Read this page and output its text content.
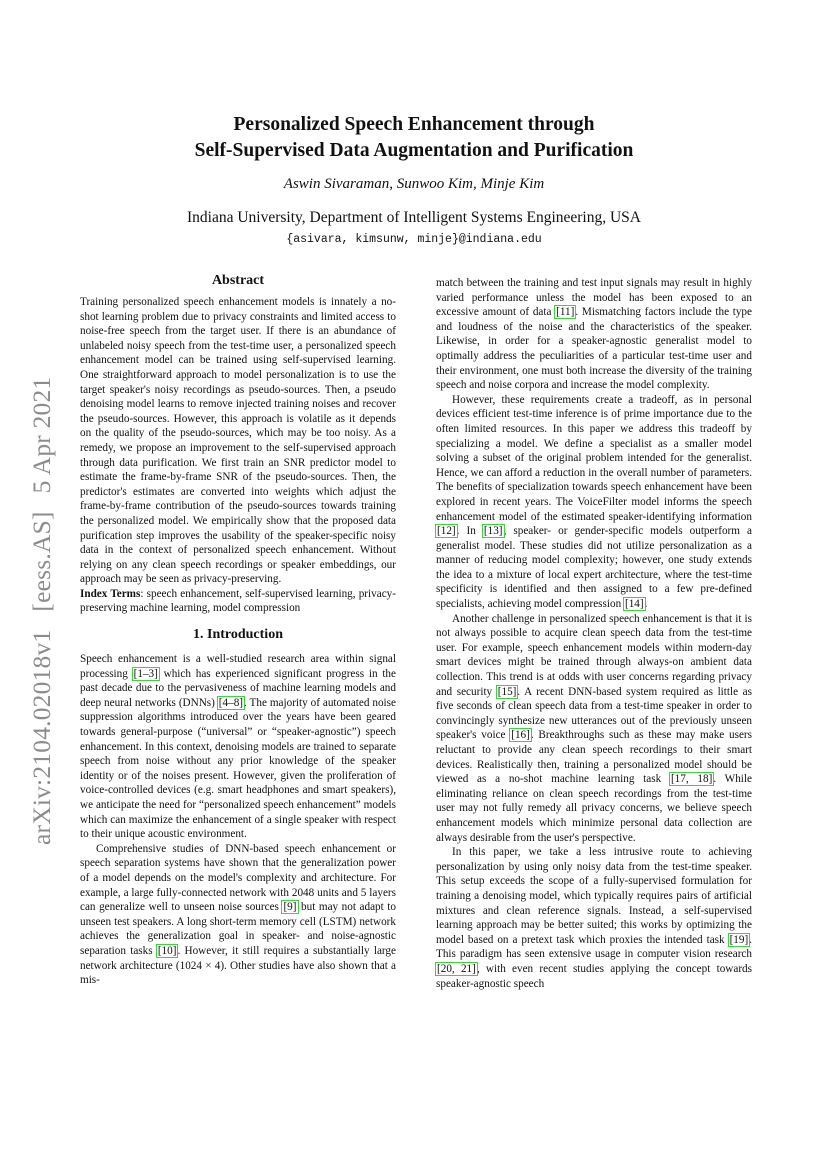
arXiv:2104.02018v1[eess.AS]5 Apr 2021
Personalized Speech Enhancement through
Self-Supervised Data Augmentation and Purification
Aswin Sivaraman, Sunwoo Kim, Minje Kim
Indiana University, Department of Intelligent Systems Engineering, USA
{asivara, kimsunw, minje}@indiana.edu
Abstract

Training personalized speech enhancement models is innately a no-shot learning problem due to privacy constraints and limited access to noise-free speech from the target user. If there is an abundance of unlabeled noisy speech from the test-time user, a personalized speech enhancement model can be trained using self-supervised learning. One straightforward approach to model personalization is to use the target speaker's noisy recordings as pseudo-sources. Then, a pseudo denoising model learns to remove injected training noises and recover the pseudo-sources. However, this approach is volatile as it depends on the quality of the pseudo-sources, which may be too noisy. As a remedy, we propose an improvement to the self-supervised approach through data purification. We first train an SNR predictor model to estimate the frame-by-frame SNR of the pseudo-sources. Then, the predictor's estimates are converted into weights which adjust the frame-by-frame contribution of the pseudo-sources towards training the personalized model. We empirically show that the proposed data purification step improves the usability of the speaker-specific noisy data in the context of personalized speech enhancement. Without relying on any clean speech recordings or speaker embeddings, our approach may be seen as privacy-preserving.

Index Terms: speech enhancement, self-supervised learning, privacy-preserving machine learning, model compression

1. Introduction

Speech enhancement is a well-studied research area within signal processing [1–3] which has experienced significant progress in the past decade due to the pervasiveness of machine learning models and deep neural networks (DNNs) [4–8]. The majority of automated noise suppression algorithms introduced over the years have been geared towards general-purpose (“universal” or “speaker-agnostic”) speech enhancement. In this context, denoising models are trained to separate speech from noise without any prior knowledge of the speaker identity or of the noises present. However, given the proliferation of voice-controlled devices (e.g. smart headphones and smart speakers), we anticipate the need for “personalized speech enhancement” models which can maximize the enhancement of a single speaker with respect to their unique acoustic environment.

Comprehensive studies of DNN-based speech enhancement or speech separation systems have shown that the generalization power of a model depends on the model's complexity and architecture. For example, a large fully-connected network with 2048 units and 5 layers can generalize well to unseen noise sources [9] but may not adapt to unseen test speakers. A long short-term memory cell (LSTM) network achieves the generalization goal in speaker- and noise-agnostic separation tasks [10]. However, it still requires a substantially large network architecture (1024 × 4). Other studies have also shown that a mis-

match between the training and test input signals may result in highly varied performance unless the model has been exposed to an excessive amount of data [11]. Mismatching factors include the type and loudness of the noise and the characteristics of the speaker. Likewise, in order for a speaker-agnostic generalist model to optimally address the peculiarities of a particular test-time user and their environment, one must both increase the diversity of the training speech and noise corpora and increase the model complexity.

However, these requirements create a tradeoff, as in personal devices efficient test-time inference is of prime importance due to the often limited resources. In this paper we address this tradeoff by specializing a model. We define a specialist as a smaller model solving a subset of the original problem intended for the generalist. Hence, we can afford a reduction in the overall number of parameters. The benefits of specialization towards speech enhancement have been explored in recent years. The VoiceFilter model informs the speech enhancement model of the estimated speaker-identifying information [12]. In [13], speaker- or gender-specific models outperform a generalist model. These studies did not utilize personalization as a manner of reducing model complexity; however, one study extends the idea to a mixture of local expert architecture, where the test-time specificity is identified and then assigned to a few pre-defined specialists, achieving model compression [14].

Another challenge in personalized speech enhancement is that it is not always possible to acquire clean speech data from the test-time user. For example, speech enhancement models within modern-day smart devices might be trained through always-on ambient data collection. This trend is at odds with user concerns regarding privacy and security [15]. A recent DNN-based system required as little as five seconds of clean speech data from a test-time speaker in order to convincingly synthesize new utterances out of the previously unseen speaker's voice [16]. Breakthroughs such as these may make users reluctant to provide any clean speech recordings to their smart devices. Realistically then, training a personalized model should be viewed as a no-shot machine learning task [17, 18]. While eliminating reliance on clean speech recordings from the test-time user may not fully remedy all privacy concerns, we believe speech enhancement models which minimize personal data collection are always desirable from the user's perspective.

In this paper, we take a less intrusive route to achieving personalization by using only noisy data from the test-time speaker. This setup exceeds the scope of a fully-supervised formulation for training a denoising model, which typically requires pairs of artificial mixtures and clean reference signals. Instead, a self-supervised learning approach may be better suited; this works by optimizing the model based on a pretext task which proxies the intended task [19]. This paradigm has seen extensive usage in computer vision research [20, 21], with even recent studies applying the concept towards speaker-agnostic speech
